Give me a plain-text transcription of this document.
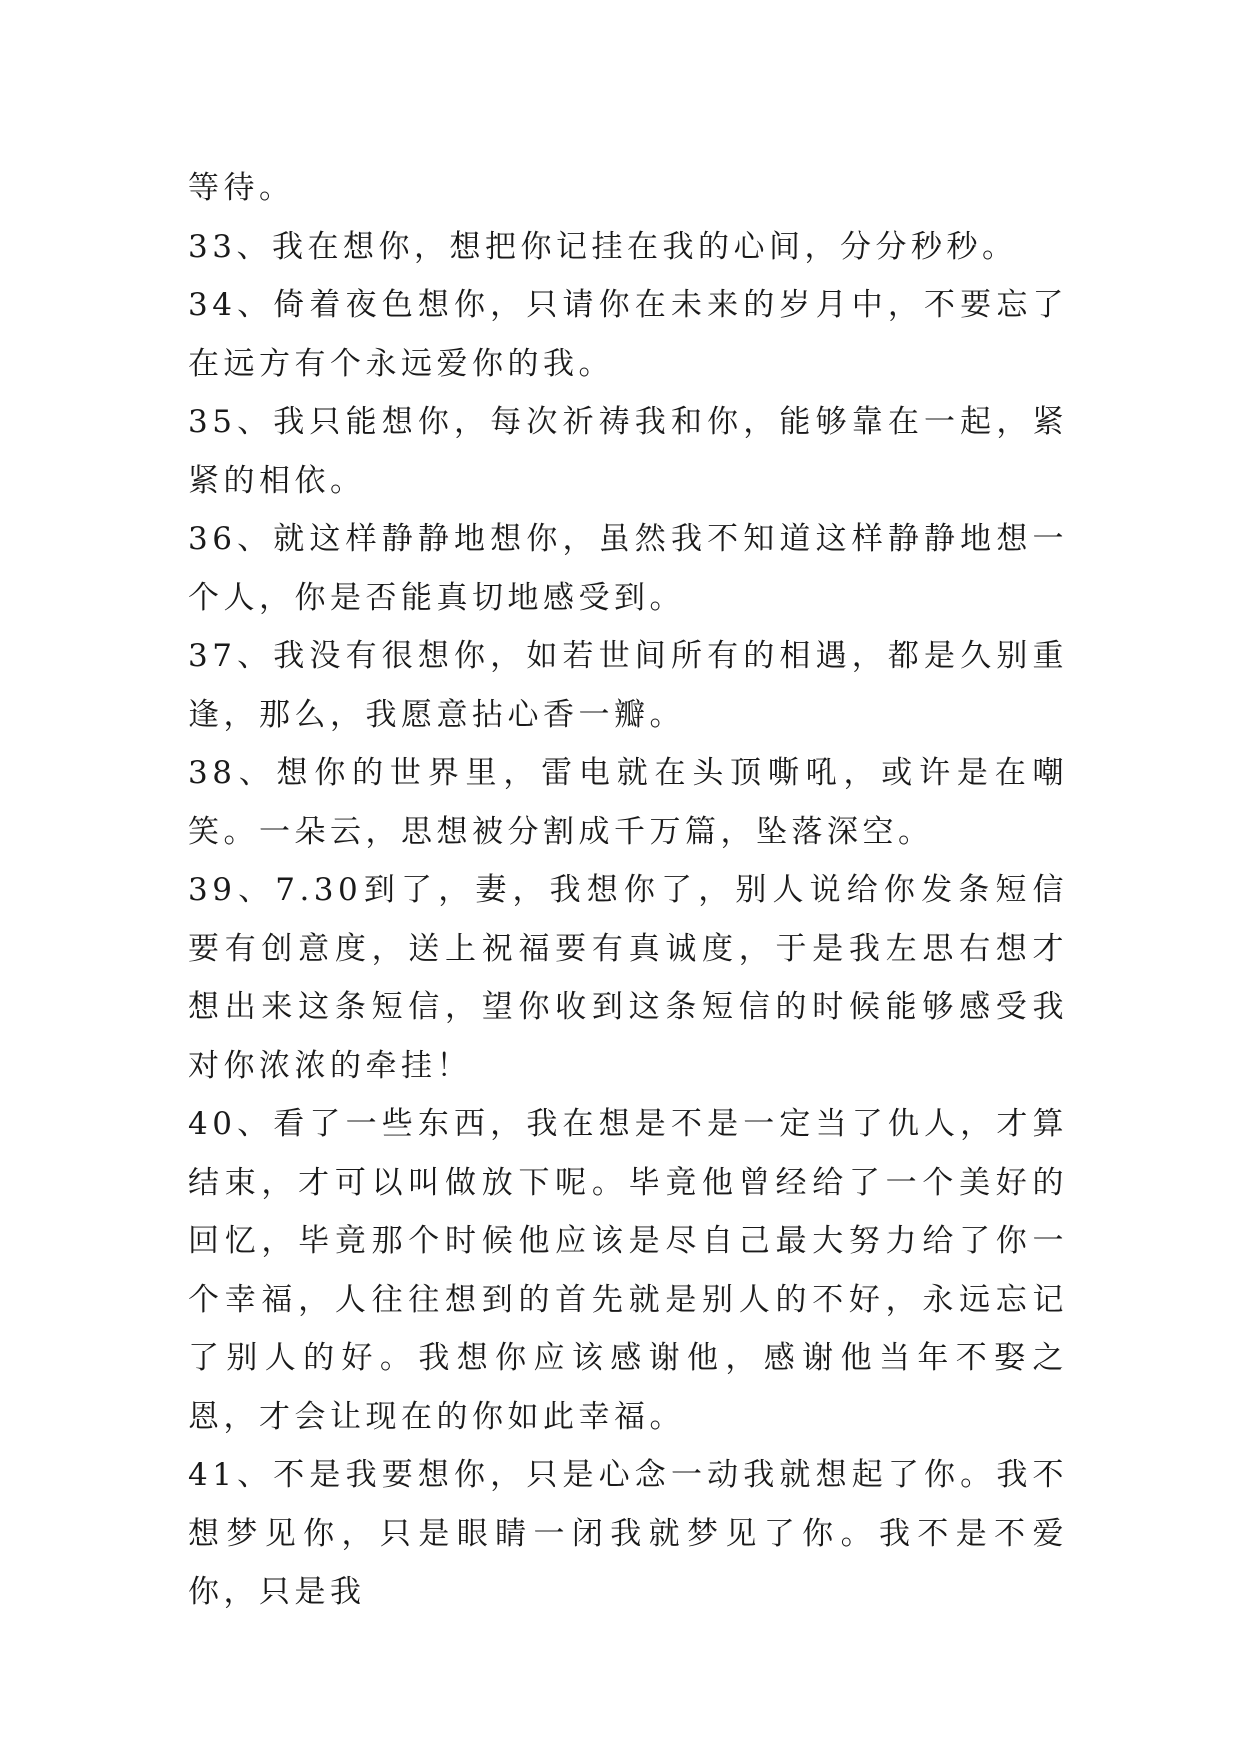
等待。

33、我在想你，想把你记挂在我的心间，分分秒秒。

34、倚着夜色想你，只请你在未来的岁月中，不要忘了在远方有个永远爱你的我。

35、我只能想你，每次祈祷我和你，能够靠在一起，紧紧的相依。

36、就这样静静地想你，虽然我不知道这样静静地想一个人，你是否能真切地感受到。

37、我没有很想你，如若世间所有的相遇，都是久别重逢，那么，我愿意拈心香一瓣。

38、想你的世界里，雷电就在头顶嘶吼，或许是在嘲笑。一朵云，思想被分割成千万篇，坠落深空。

39、7.30到了，妻，我想你了，别人说给你发条短信要有创意度，送上祝福要有真诚度，于是我左思右想才想出来这条短信，望你收到这条短信的时候能够感受我对你浓浓的牵挂！

40、看了一些东西，我在想是不是一定当了仇人，才算结束，才可以叫做放下呢。毕竟他曾经给了一个美好的回忆，毕竟那个时候他应该是尽自己最大努力给了你一个幸福，人往往想到的首先就是别人的不好，永远忘记了别人的好。我想你应该感谢他，感谢他当年不娶之恩，才会让现在的你如此幸福。

41、不是我要想你，只是心念一动我就想起了你。我不想梦见你，只是眼睛一闭我就梦见了你。我不是不爱你，只是我
